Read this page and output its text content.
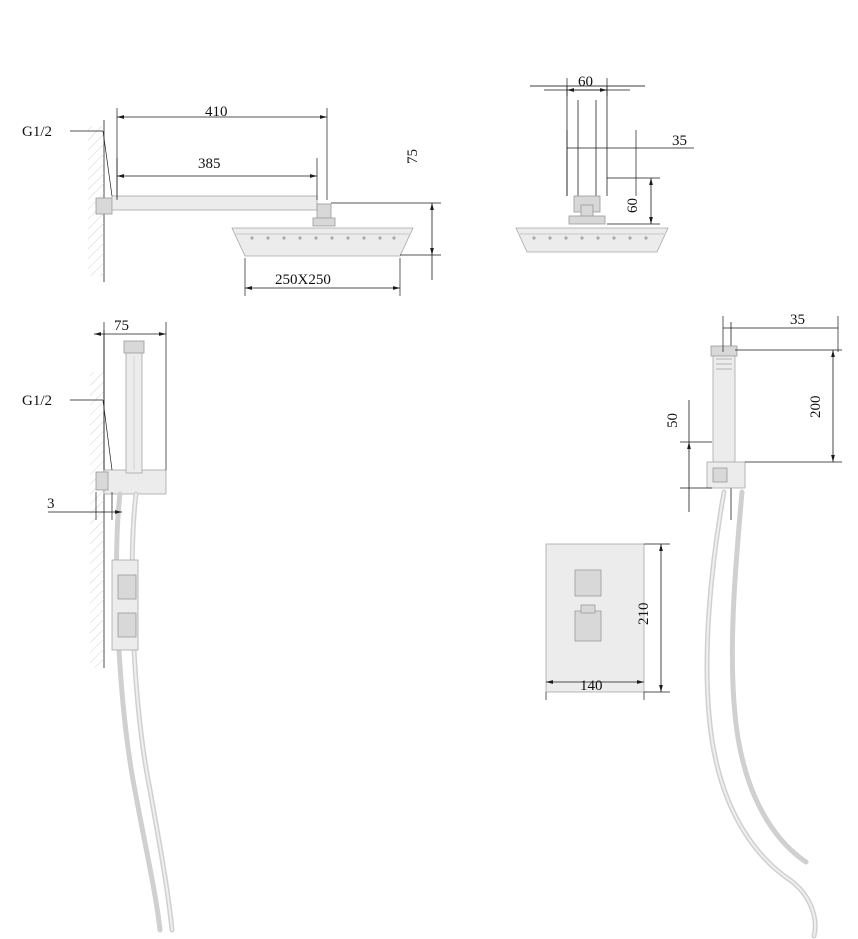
G1/2
410
385	75
250X250
60
35
60
G1/2
75
3
35
200
50
210
140
